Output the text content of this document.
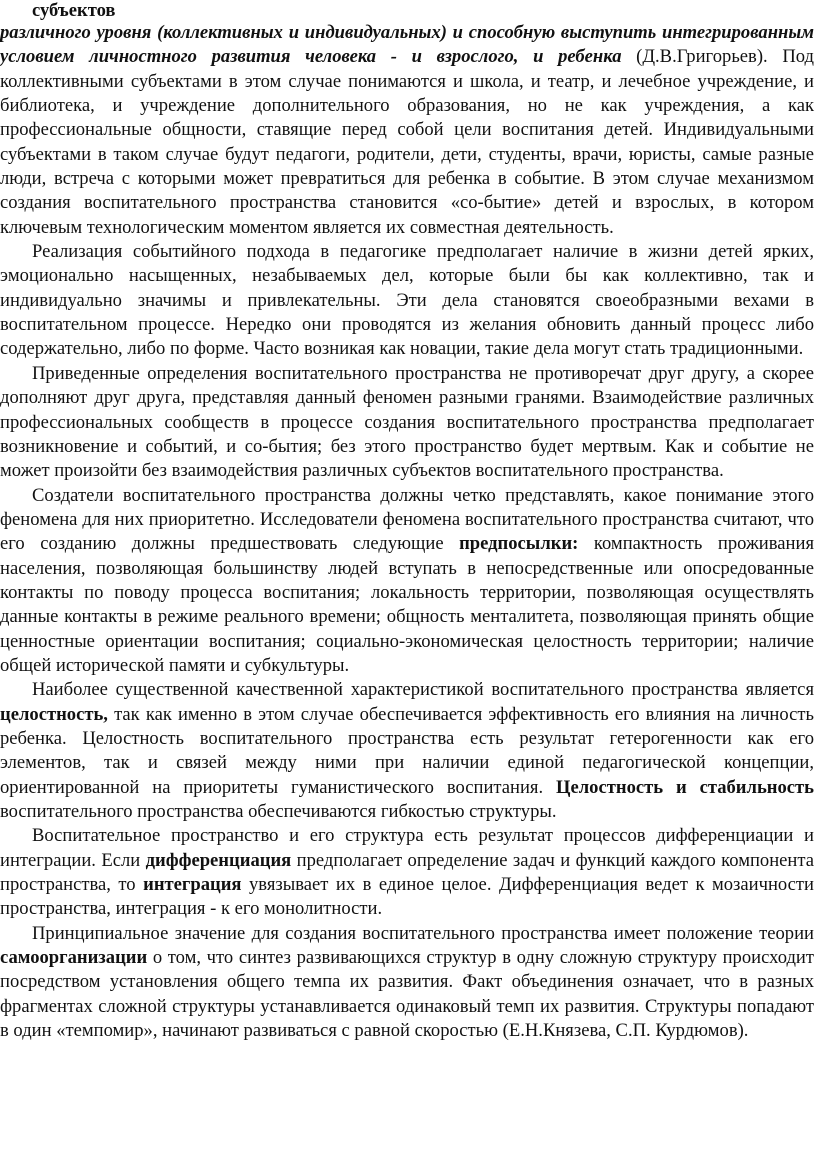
субъектов

различного уровня (коллективных и индивидуальных) и способную выступить интегрированным условием личностного развития человека - и взрослого, и ребенка (Д.В.Григорьев). Под коллективными субъектами в этом случае понимаются и школа, и театр, и лечебное учреждение, и библиотека, и учреждение дополнительного образования, но не как учреждения, а как профессиональные общности, ставящие перед собой цели воспитания детей. Индивидуальными субъектами в таком случае будут педагоги, родители, дети, студенты, врачи, юристы, самые разные люди, встреча с которыми может превратиться для ребенка в событие. В этом случае механизмом создания воспитательного пространства становится «со-бытие» детей и взрослых, в котором ключевым технологическим моментом является их совместная деятельность.

Реализация событийного подхода в педагогике предполагает наличие в жизни детей ярких, эмоционально насыщенных, незабываемых дел, которые были бы как коллективно, так и индивидуально значимы и привлекательны. Эти дела становятся своеобразными вехами в воспитательном процессе. Нередко они проводятся из желания обновить данный процесс либо содержательно, либо по форме. Часто возникая как новации, такие дела могут стать традиционными.

Приведенные определения воспитательного пространства не противоречат друг другу, а скорее дополняют друг друга, представляя данный феномен разными гранями. Взаимодействие различных профессиональных сообществ в процессе создания воспитательного пространства предполагает возникновение и событий, и со-бытия; без этого пространство будет мертвым. Как и событие не может произойти без взаимодействия различных субъектов воспитательного пространства.

Создатели воспитательного пространства должны четко представлять, какое понимание этого феномена для них приоритетно. Исследователи феномена воспитательного пространства считают, что его созданию должны предшествовать следующие предпосылки: компактность проживания населения, позволяющая большинству людей вступать в непосредственные или опосредованные контакты по поводу процесса воспитания; локальность территории, позволяющая осуществлять данные контакты в режиме реального времени; общность менталитета, позволяющая принять общие ценностные ориентации воспитания; социально-экономическая целостность территории; наличие общей исторической памяти и субкультуры.

Наиболее существенной качественной характеристикой воспитательного пространства является целостность, так как именно в этом случае обеспечивается эффективность его влияния на личность ребенка. Целостность воспитательного пространства есть результат гетерогенности как его элементов, так и связей между ними при наличии единой педагогической концепции, ориентированной на приоритеты гуманистического воспитания. Целостность и стабильность воспитательного пространства обеспечиваются гибкостью структуры.

Воспитательное пространство и его структура есть результат процессов дифференциации и интеграции. Если дифференциация предполагает определение задач и функций каждого компонента пространства, то интеграция увязывает их в единое целое. Дифференциация ведет к мозаичности пространства, интеграция - к его монолитности.

Принципиальное значение для создания воспитательного пространства имеет положение теории самоорганизации о том, что синтез развивающихся структур в одну сложную структуру происходит посредством установления общего темпа их развития. Факт объединения означает, что в разных фрагментах сложной структуры устанавливается одинаковый темп их развития. Структуры попадают в один «темпомир», начинают развиваться с равной скоростью (Е.Н.Князева, С.П. Курдюмов).
